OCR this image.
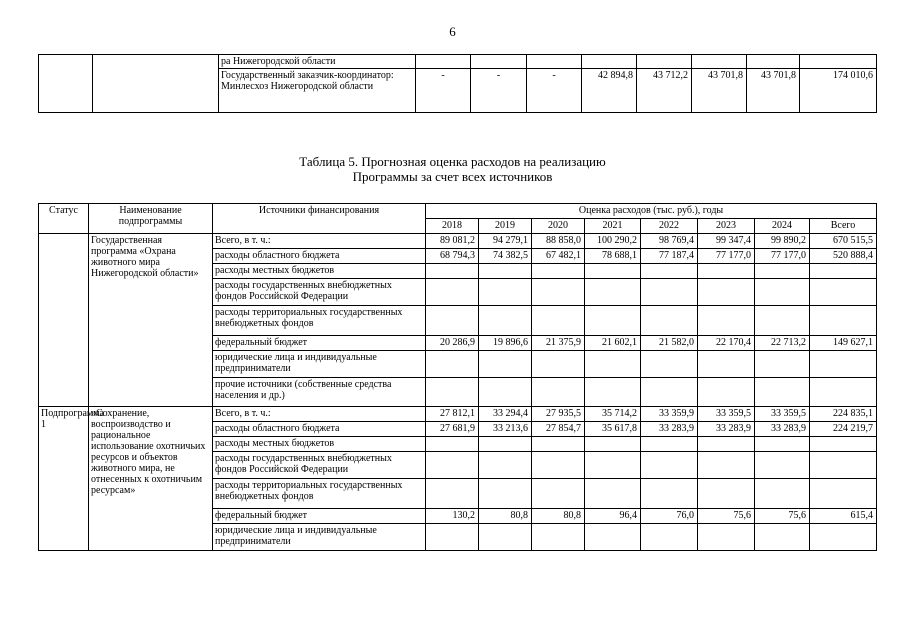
6
		ра Нижегородской области								
		Государственный заказчик-координатор: Минлесхоз Нижегородской области	-	-	-	42 894,8	43 712,2	43 701,8	43 701,8	174 010,6
Таблица 5. Прогнозная оценка расходов на реализацию
Программы за счет всех источников
Статус	Наименование подпрограммы	Источники финансирования	Оценка расходов (тыс. руб.), годы							
			2018	2019	2020	2021	2022	2023	2024	Всего
	Государственная программа «Охрана животного мира Нижегородской области»	Всего, в т. ч.:	89 081,2	94 279,1	88 858,0	100 290,2	98 769,4	99 347,4	99 890,2	670 515,5
		расходы областного бюджета	68 794,3	74 382,5	67 482,1	78 688,1	77 187,4	77 177,0	77 177,0	520 888,4
		расходы местных бюджетов								
		расходы государственных внебюджетных фондов Российской Федерации								
		расходы территориальных государственных внебюджетных фондов								
		федеральный бюджет	20 286,9	19 896,6	21 375,9	21 602,1	21 582,0	22 170,4	22 713,2	149 627,1
		юридические лица и индивидуальные предприниматели								
		прочие источники (собственные средства населения и др.)								
Подпрограмма 1	«Сохранение, воспроизводство и рациональное использование охотничьих ресурсов и объектов животного мира, не отнесенных к охотничьим ресурсам»	Всего, в т. ч.:	27 812,1	33 294,4	27 935,5	35 714,2	33 359,9	33 359,5	33 359,5	224 835,1
		расходы областного бюджета	27 681,9	33 213,6	27 854,7	35 617,8	33 283,9	33 283,9	33 283,9	224 219,7
		расходы местных бюджетов								
		расходы государственных внебюджетных фондов Российской Федерации								
		расходы территориальных государственных внебюджетных фондов								
		федеральный бюджет	130,2	80,8	80,8	96,4	76,0	75,6	75,6	615,4
		юридические лица и индивидуальные предприниматели								
